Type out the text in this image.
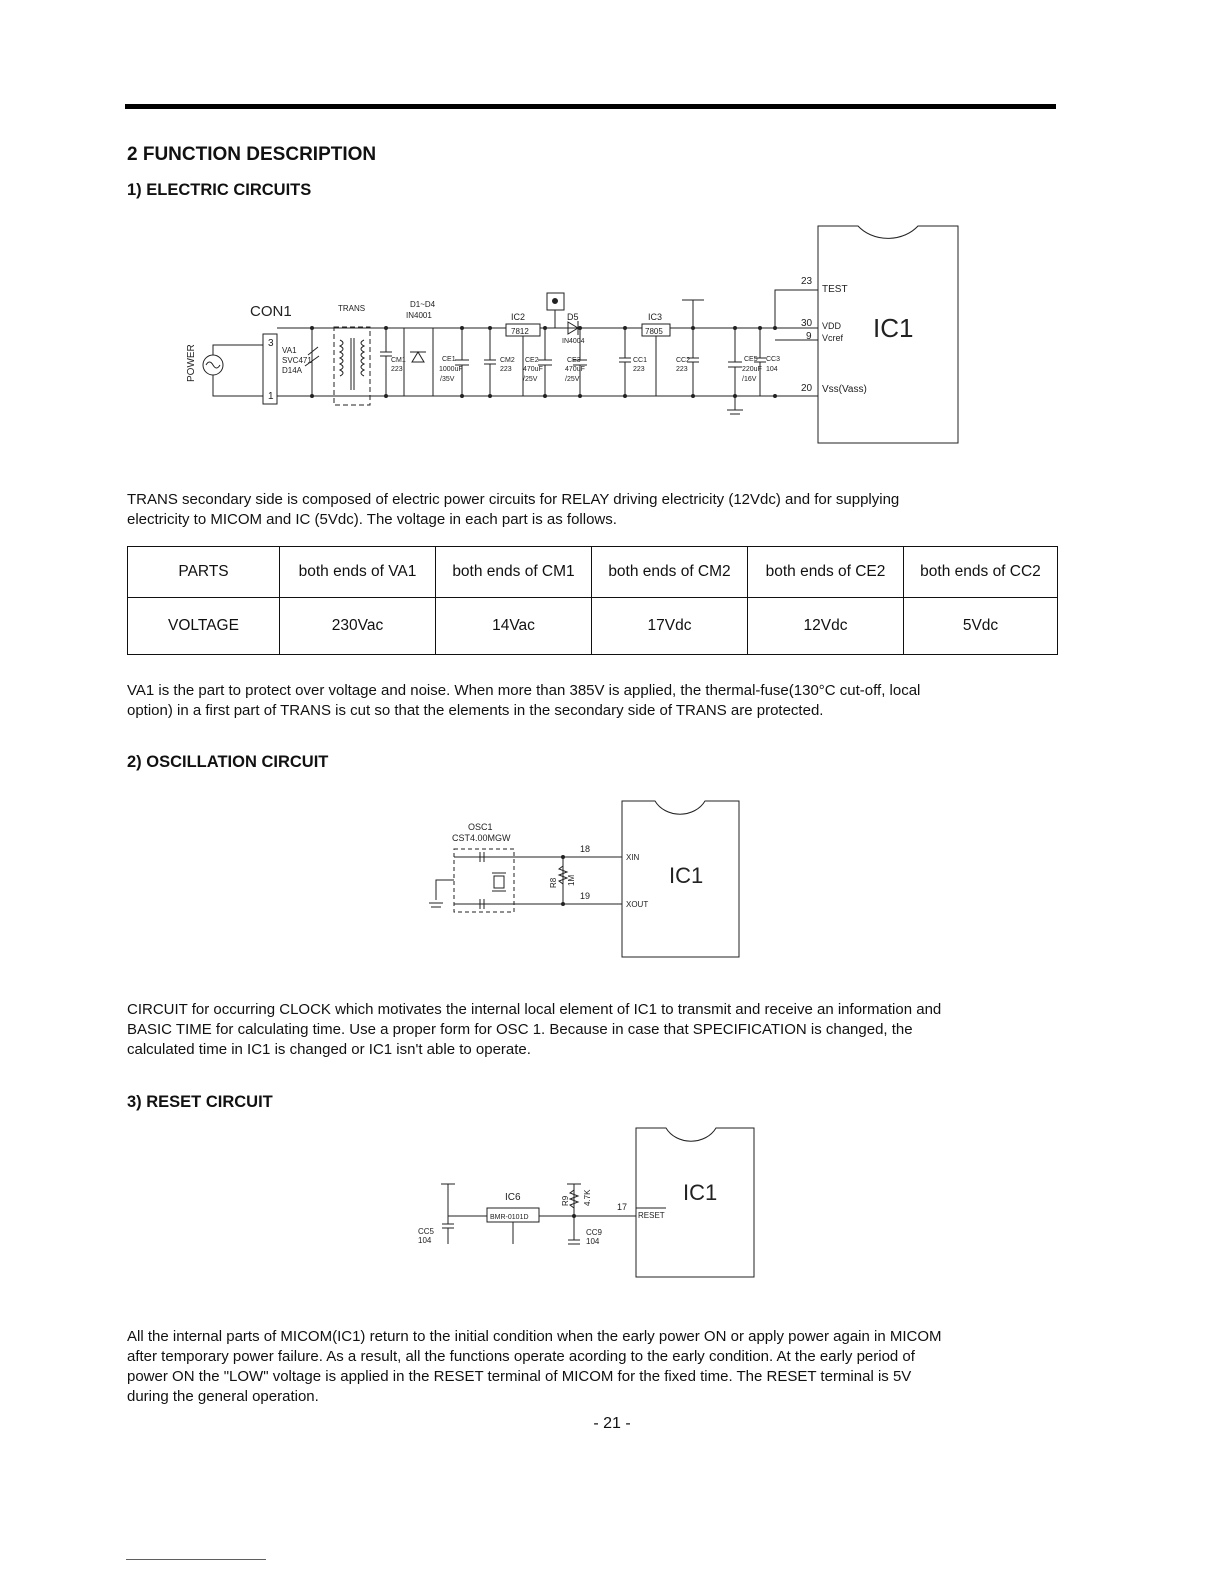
2 FUNCTION DESCRIPTION
1) ELECTRIC CIRCUITS
CON1
POWER
3
1
VA1
SVC471
D14A
TRANS	D1~D4
IN4001
CM1
223
CE1
1000uF
/35V
CM2
223
IC2
7812
CE2
470uF
/25V
D5
IN4004
CE3
470uF
/25V
CC1
223
IC3
7805
CC2
223
CE5
220uF
/16V
CC3
104
23
30
9
20
TEST
VDD
Vcref
Vss(Vass)
IC1
TRANS secondary side is composed of electric power circuits for RELAY driving electricity (12Vdc) and for supplying
electricity to MICOM and IC (5Vdc). The voltage in each part is as follows.
PARTS	both ends of VA1	both ends of CM1	both ends of CM2	both ends of CE2	both ends of CC2
VOLTAGE	230Vac	14Vac	17Vdc	12Vdc	5Vdc
VA1 is the part to protect over voltage and noise. When more than 385V is applied, the thermal-fuse(130°C cut-off, local
option) in a first part of TRANS is cut so that the elements in the secondary side of TRANS are protected.
2) OSCILLATION CIRCUIT
OSC1
CST4.00MGW
18
19
R8 1M
XIN
XOUT
IC1
CIRCUIT for occurring CLOCK which motivates the internal local element of IC1 to transmit and receive an information and
BASIC TIME for calculating time. Use a proper form for OSC 1. Because in case that SPECIFICATION is changed, the
calculated time in IC1 is changed or IC1 isn't able to operate.
3) RESET CIRCUIT
IC6
BMR-0101D
R9 4.7K
17
RESET
CC5
104
CC9
104
IC1
All the internal parts of MICOM(IC1) return to the initial condition when the early power ON or apply power again in MICOM
after temporary power failure. As a result, all the functions operate acording to the early condition. At the early period of
power ON the "LOW" voltage is applied in the RESET terminal of MICOM for the fixed time. The RESET terminal is 5V
during the general operation.
- 21 -
